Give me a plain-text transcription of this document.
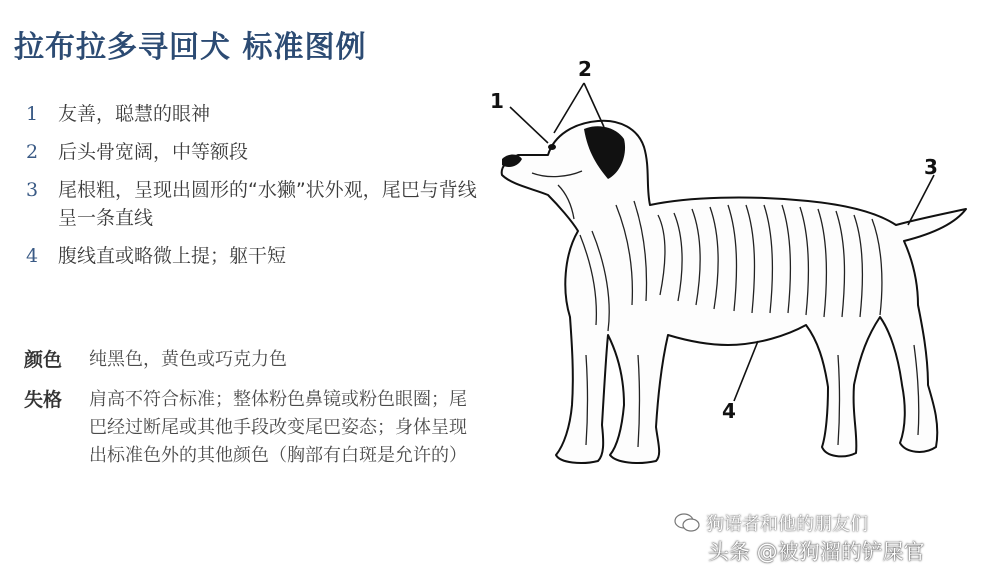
拉布拉多寻回犬 标准图例
1	友善，聪慧的眼神
2	后头骨宽阔，中等额段
3	尾根粗，呈现出圆形的“水獭”状外观，尾巴与背线呈一条直线
4	腹线直或略微上提；躯干短
颜色	纯黑色，黄色或巧克力色
失格	肩高不符合标准；整体粉色鼻镜或粉色眼圈；尾巴经过断尾或其他手段改变尾巴姿态；身体呈现出标准色外的其他颜色（胸部有白斑是允许的）
1
2
3
4
狗语者和他的朋友们
头条 @被狗溜的铲屎官
